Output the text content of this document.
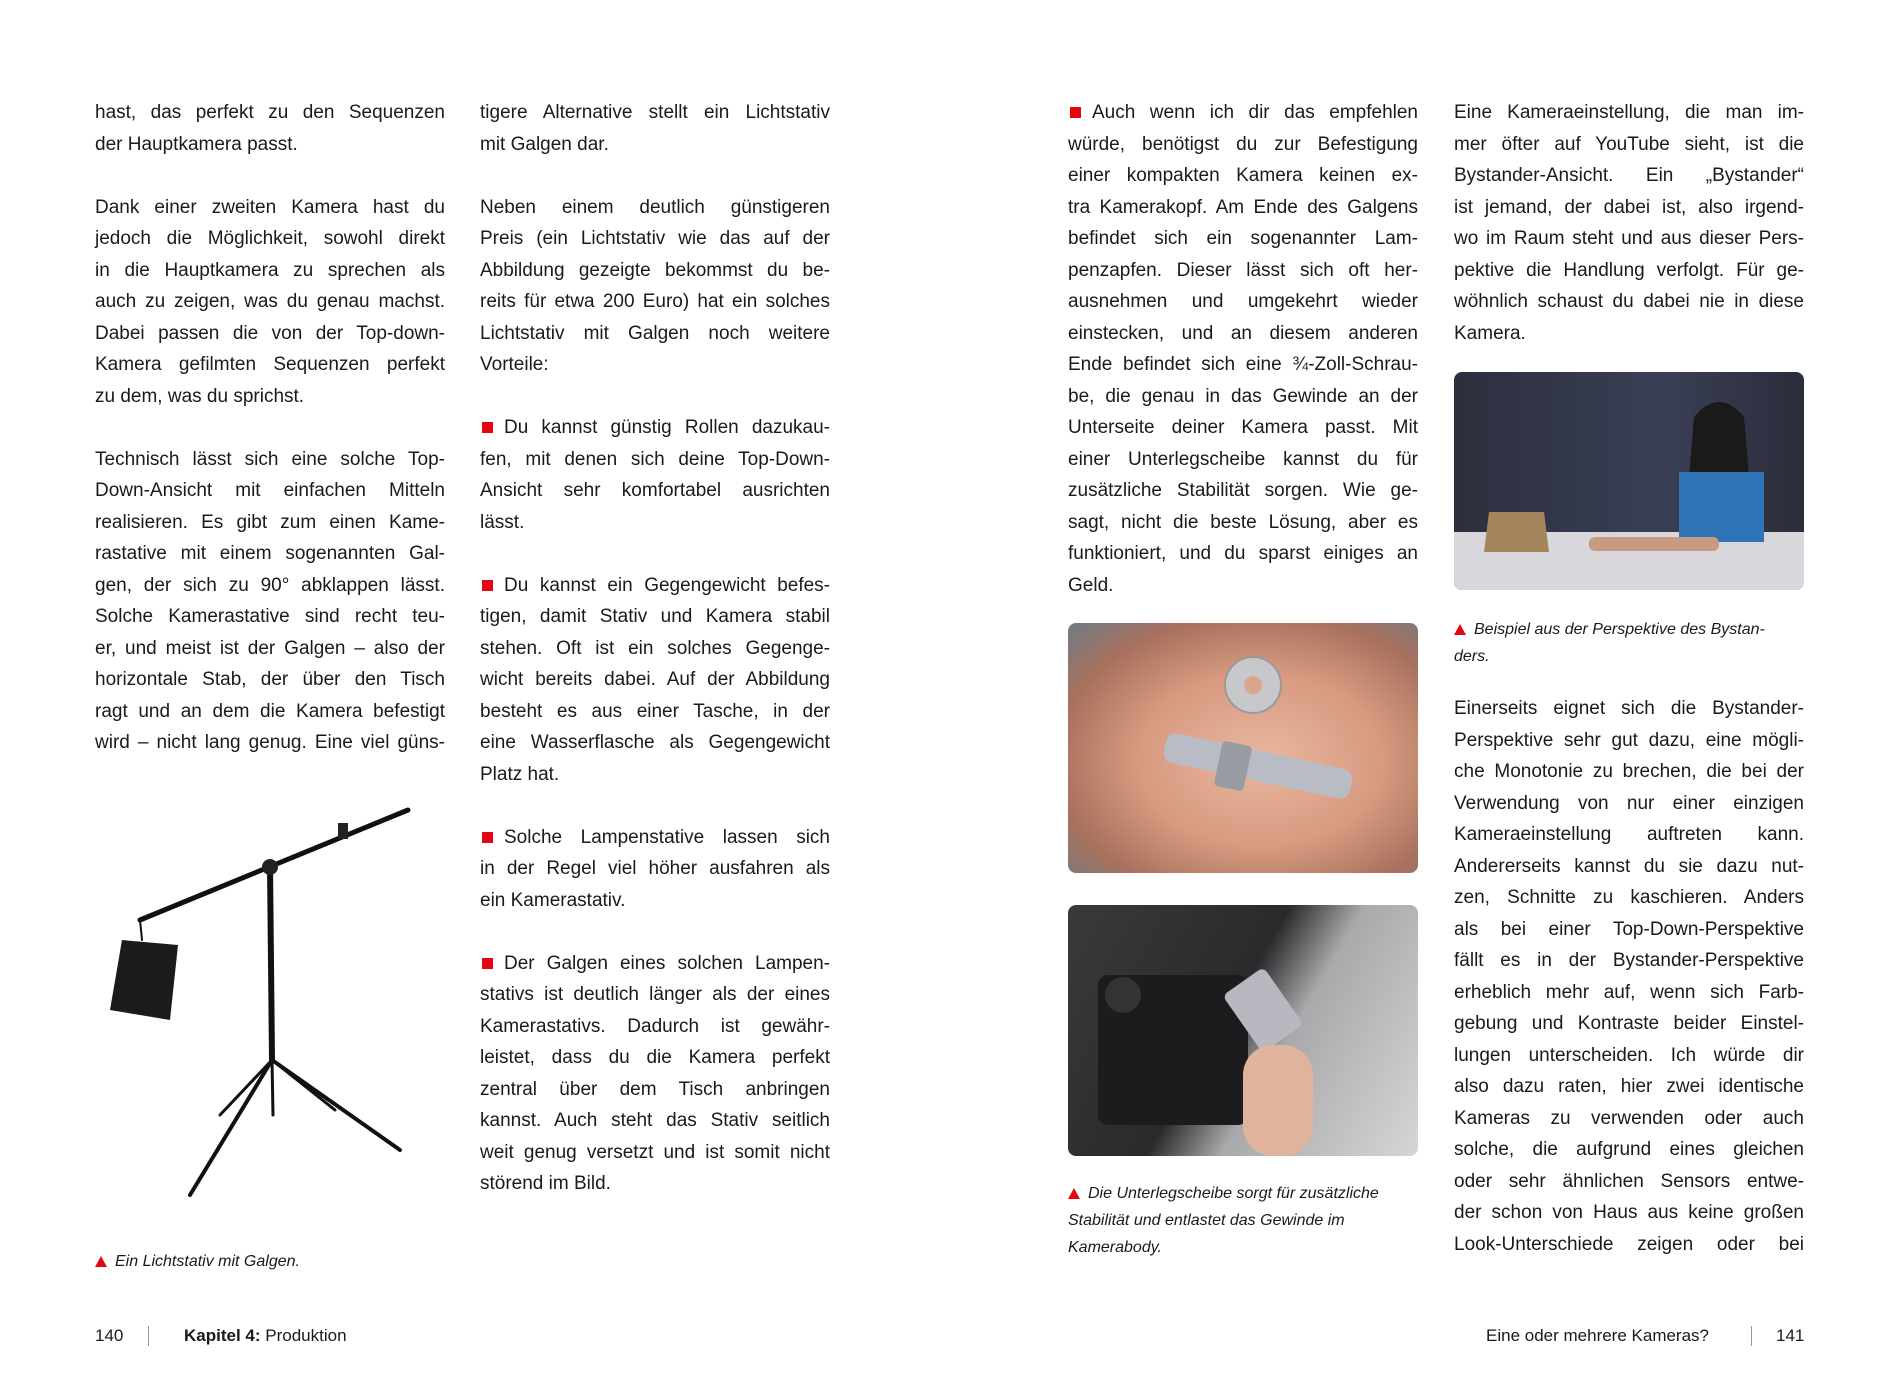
hast, das perfekt zu den Sequenzen
der Hauptkamera passt.
Dank einer zweiten Kamera hast du
jedoch die Möglichkeit, sowohl direkt
in die Hauptkamera zu sprechen als
auch zu zeigen, was du genau machst.
Dabei passen die von der Top-down-
Kamera gefilmten Sequenzen perfekt
zu dem, was du sprichst.
Technisch lässt sich eine solche Top-
Down-Ansicht mit einfachen Mitteln
realisieren. Es gibt zum einen Kame-
rastative mit einem sogenannten Gal-
gen, der sich zu 90° abklappen lässt.
Solche Kamerastative sind recht teu-
er, und meist ist der Galgen – also der
horizontale Stab, der über den Tisch
ragt und an dem die Kamera befestigt
wird – nicht lang genug. Eine viel güns-
tigere Alternative stellt ein Lichtstativ
mit Galgen dar.
Neben einem deutlich günstigeren
Preis (ein Lichtstativ wie das auf der
Abbildung gezeigte bekommst du be-
reits für etwa 200 Euro) hat ein solches
Lichtstativ mit Galgen noch weitere
Vorteile:
Du kannst günstig Rollen dazukau-
fen, mit denen sich deine Top-Down-
Ansicht sehr komfortabel ausrichten
lässt.
Du kannst ein Gegengewicht befes-
tigen, damit Stativ und Kamera stabil
stehen. Oft ist ein solches Gegenge-
wicht bereits dabei. Auf der Abbildung
besteht es aus einer Tasche, in der
eine Wasserflasche als Gegengewicht
Platz hat.
Solche Lampenstative lassen sich
in der Regel viel höher ausfahren als
ein Kamerastativ.
Der Galgen eines solchen Lampen-
stativs ist deutlich länger als der eines
Kamerastativs. Dadurch ist gewähr-
leistet, dass du die Kamera perfekt
zentral über dem Tisch anbringen
kannst. Auch steht das Stativ seitlich
weit genug versetzt und ist somit nicht
störend im Bild.
Auch wenn ich dir das empfehlen
würde, benötigst du zur Befestigung
einer kompakten Kamera keinen ex-
tra Kamerakopf. Am Ende des Galgens
befindet sich ein sogenannter Lam-
penzapfen. Dieser lässt sich oft her-
ausnehmen und umgekehrt wieder
einstecken, und an diesem anderen
Ende befindet sich eine ¾-Zoll-Schrau-
be, die genau in das Gewinde an der
Unterseite deiner Kamera passt. Mit
einer Unterlegscheibe kannst du für
zusätzliche Stabilität sorgen. Wie ge-
sagt, nicht die beste Lösung, aber es
funktioniert, und du sparst einiges an
Geld.
Eine Kameraeinstellung, die man im-
mer öfter auf YouTube sieht, ist die
Bystander-Ansicht. Ein „Bystander“
ist jemand, der dabei ist, also irgend-
wo im Raum steht und aus dieser Pers-
pektive die Handlung verfolgt. Für ge-
wöhnlich schaust du dabei nie in diese
Kamera.
Einerseits eignet sich die Bystander-
Perspektive sehr gut dazu, eine mögli-
che Monotonie zu brechen, die bei der
Verwendung von nur einer einzigen
Kameraeinstellung auftreten kann.
Andererseits kannst du sie dazu nut-
zen, Schnitte zu kaschieren. Anders
als bei einer Top-Down-Perspektive
fällt es in der Bystander-Perspektive
erheblich mehr auf, wenn sich Farb-
gebung und Kontraste beider Einstel-
lungen unterscheiden. Ich würde dir
also dazu raten, hier zwei identische
Kameras zu verwenden oder auch
solche, die aufgrund eines gleichen
oder sehr ähnlichen Sensors entwe-
der schon von Haus aus keine großen
Look-Unterschiede zeigen oder bei
Ein Lichtstativ mit Galgen.
Die Unterlegscheibe sorgt für zusätzliche
Stabilität und entlastet das Gewinde im
Kamerabody.
Beispiel aus der Perspektive des Bystan-
ders.
140	Kapitel 4: Produktion	Eine oder mehrere Kameras?	141
